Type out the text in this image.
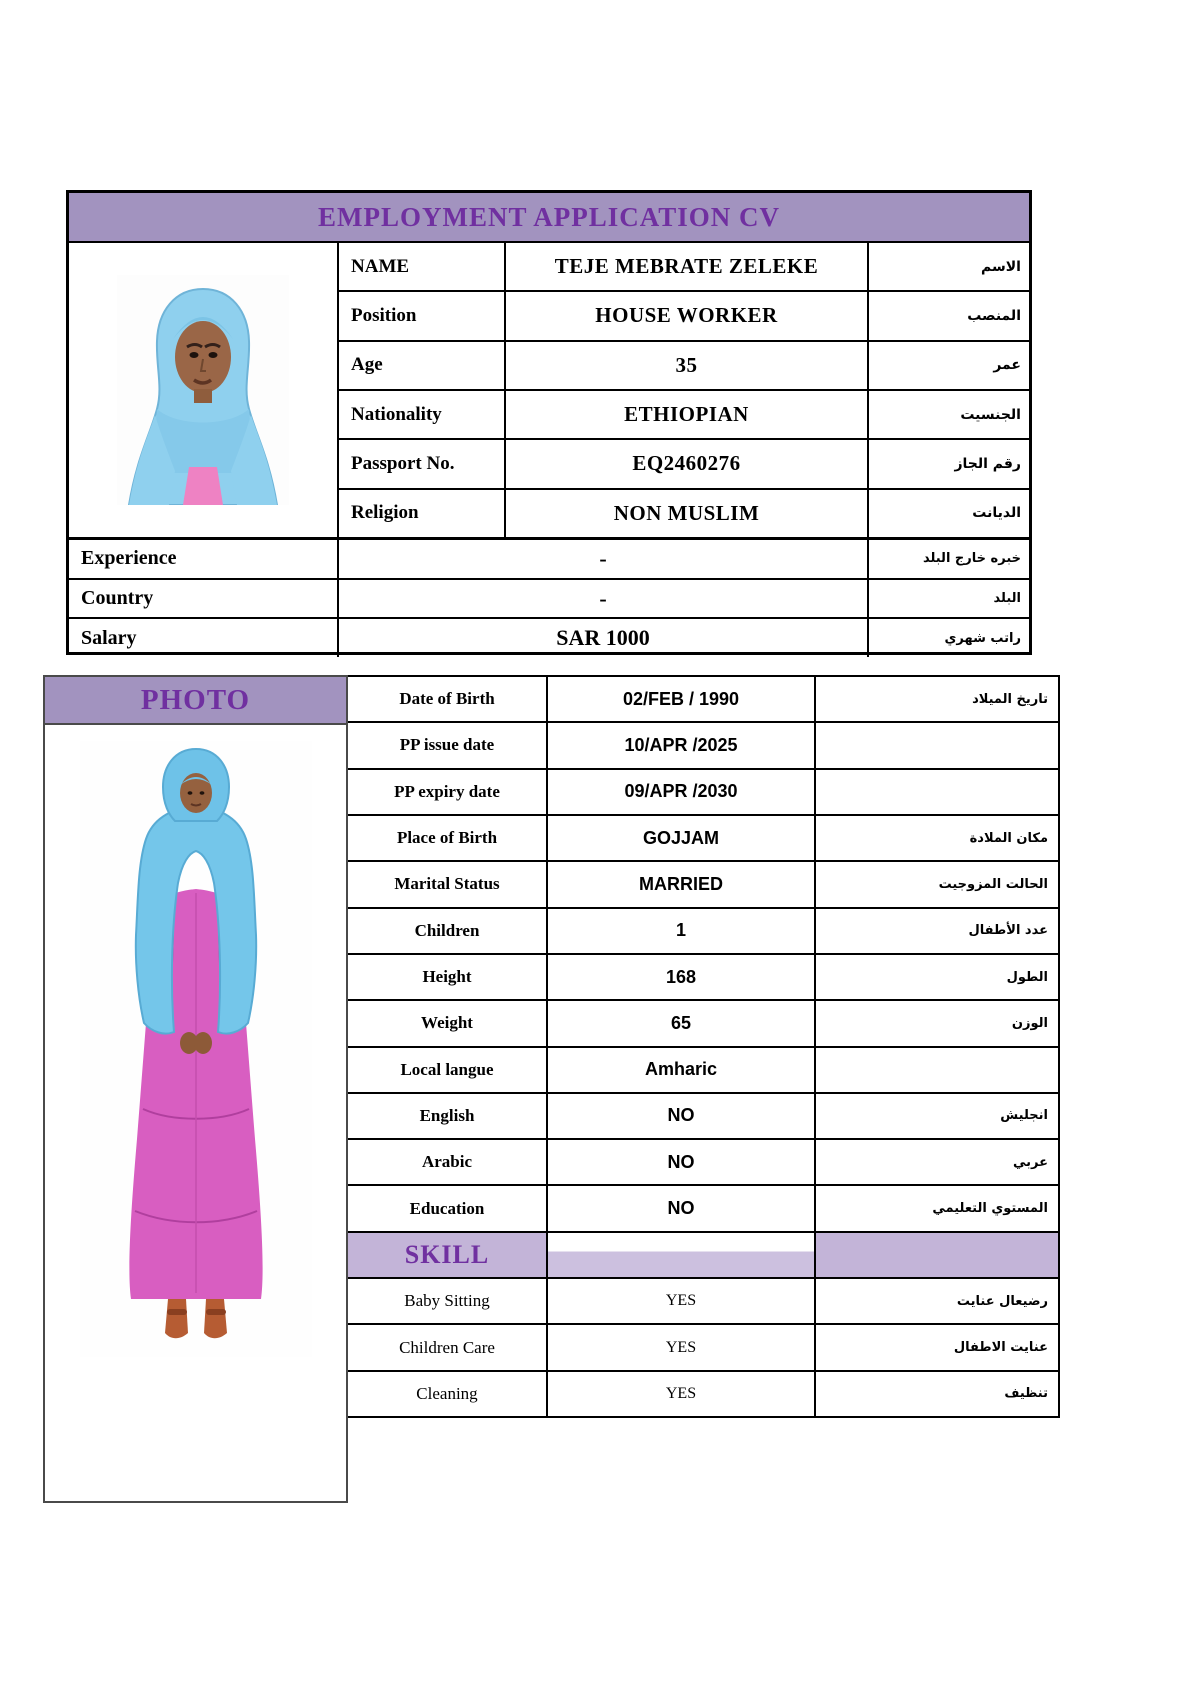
EMPLOYMENT APPLICATION CV
NAME	TEJE MEBRATE ZELEKE	الاسم
Position	HOUSE WORKER	المنصب
Age	35	عمر
Nationality	ETHIOPIAN	الجنسيت
Passport No.	EQ2460276	رقم الجاز
Religion	NON MUSLIM	الديانت
Experience	-	خبره خارج البلد
Country	-	البلد
Salary	SAR 1000	راتب شهري
PHOTO	Date of Birth	02/FEB / 1990	تاريخ الميلاد
PP issue date	10/APR /2025
PP expiry date	09/APR /2030
Place of Birth	GOJJAM	مكان الملادة
Marital Status	MARRIED	الحالت المزوجيت
Children	1	عدد الأطفال
Height	168	الطول
Weight	65	الوزن
Local langue	Amharic
English	NO	انجليش
Arabic	NO	عربي
Education	NO	المستوي التعليمي
SKILL
Baby Sitting	YES	رضيعال عنايت
Children Care	YES	عنايت الاطفال
Cleaning	YES	تنظيف
